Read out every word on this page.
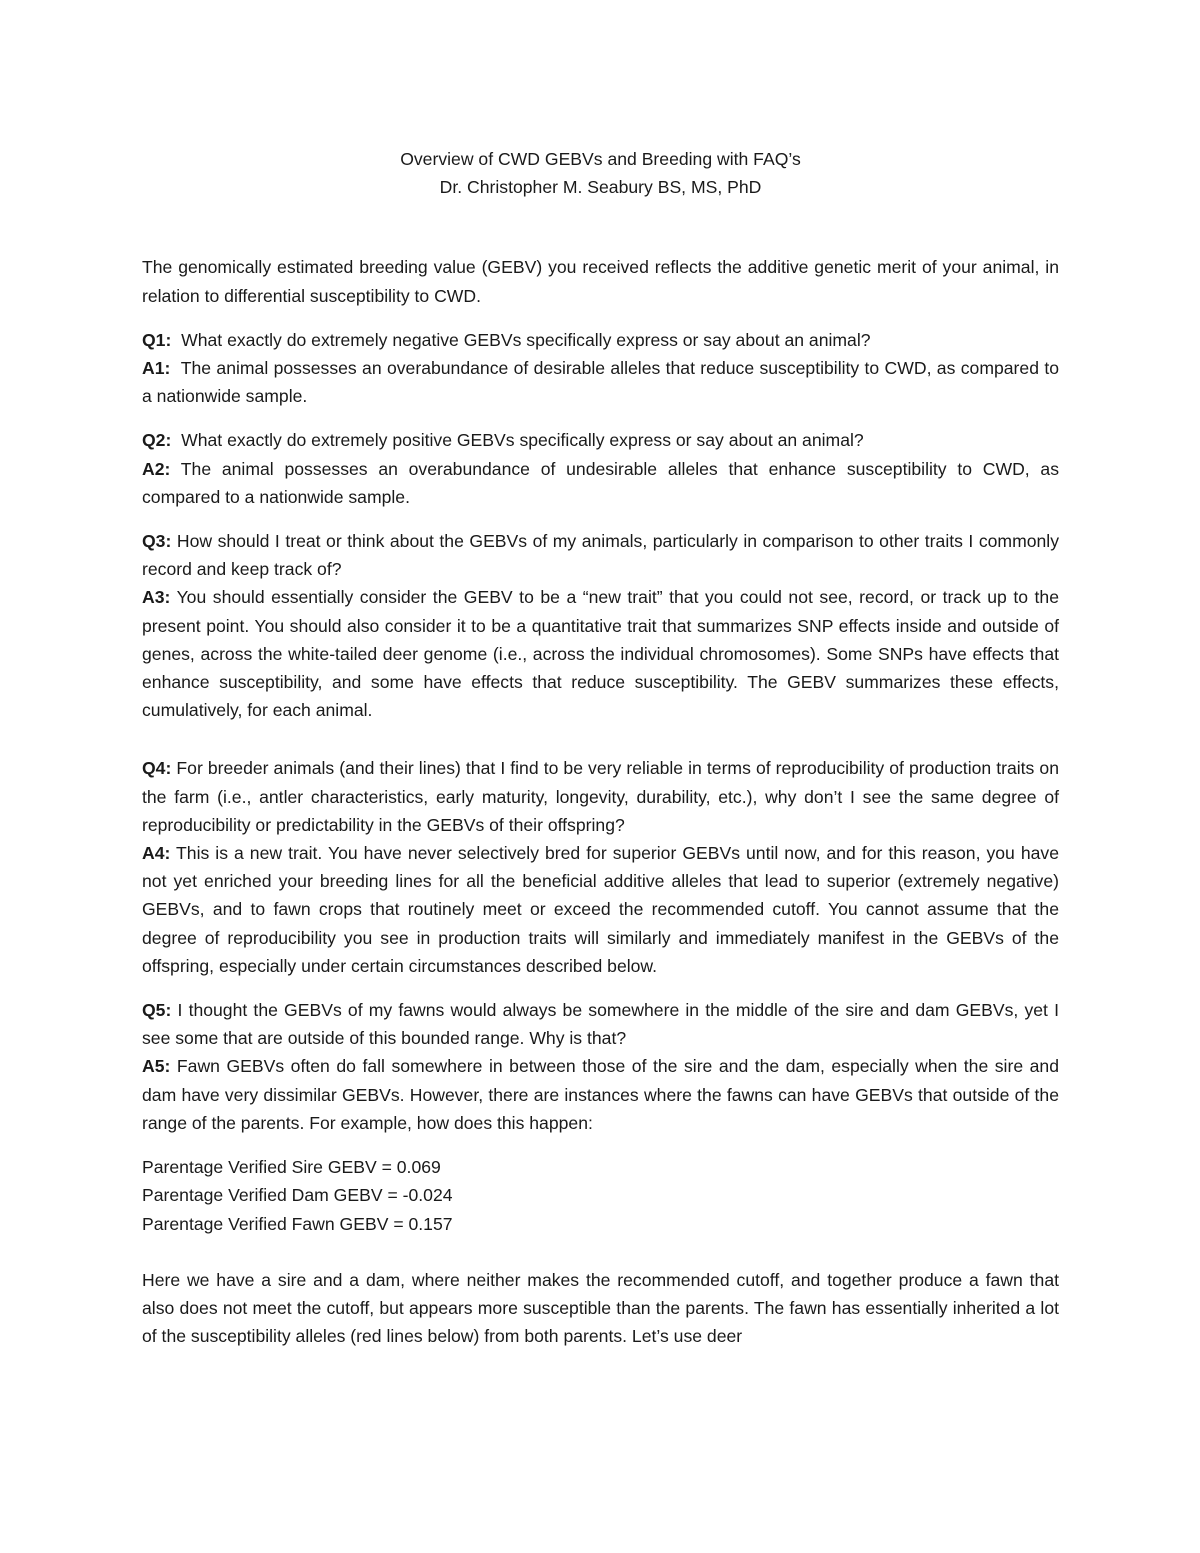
Overview of CWD GEBVs and Breeding with FAQ’s
Dr. Christopher M. Seabury BS, MS, PhD

The genomically estimated breeding value (GEBV) you received reflects the additive genetic merit of your animal, in relation to differential susceptibility to CWD.

Q1: What exactly do extremely negative GEBVs specifically express or say about an animal?

A1: The animal possesses an overabundance of desirable alleles that reduce susceptibility to CWD, as compared to a nationwide sample.

Q2: What exactly do extremely positive GEBVs specifically express or say about an animal?

A2: The animal possesses an overabundance of undesirable alleles that enhance susceptibility to CWD, as compared to a nationwide sample.

Q3: How should I treat or think about the GEBVs of my animals, particularly in comparison to other traits I commonly record and keep track of?

A3: You should essentially consider the GEBV to be a “new trait” that you could not see, record, or track up to the present point. You should also consider it to be a quantitative trait that summarizes SNP effects inside and outside of genes, across the white-tailed deer genome (i.e., across the individual chromosomes). Some SNPs have effects that enhance susceptibility, and some have effects that reduce susceptibility. The GEBV summarizes these effects, cumulatively, for each animal.

Q4: For breeder animals (and their lines) that I find to be very reliable in terms of reproducibility of production traits on the farm (i.e., antler characteristics, early maturity, longevity, durability, etc.), why don’t I see the same degree of reproducibility or predictability in the GEBVs of their offspring?

A4: This is a new trait. You have never selectively bred for superior GEBVs until now, and for this reason, you have not yet enriched your breeding lines for all the beneficial additive alleles that lead to superior (extremely negative) GEBVs, and to fawn crops that routinely meet or exceed the recommended cutoff. You cannot assume that the degree of reproducibility you see in production traits will similarly and immediately manifest in the GEBVs of the offspring, especially under certain circumstances described below.

Q5: I thought the GEBVs of my fawns would always be somewhere in the middle of the sire and dam GEBVs, yet I see some that are outside of this bounded range. Why is that?

A5: Fawn GEBVs often do fall somewhere in between those of the sire and the dam, especially when the sire and dam have very dissimilar GEBVs. However, there are instances where the fawns can have GEBVs that outside of the range of the parents. For example, how does this happen:

Parentage Verified Sire GEBV = 0.069
Parentage Verified Dam GEBV = -0.024
Parentage Verified Fawn GEBV = 0.157

Here we have a sire and a dam, where neither makes the recommended cutoff, and together produce a fawn that also does not meet the cutoff, but appears more susceptible than the parents. The fawn has essentially inherited a lot of the susceptibility alleles (red lines below) from both parents. Let’s use deer
